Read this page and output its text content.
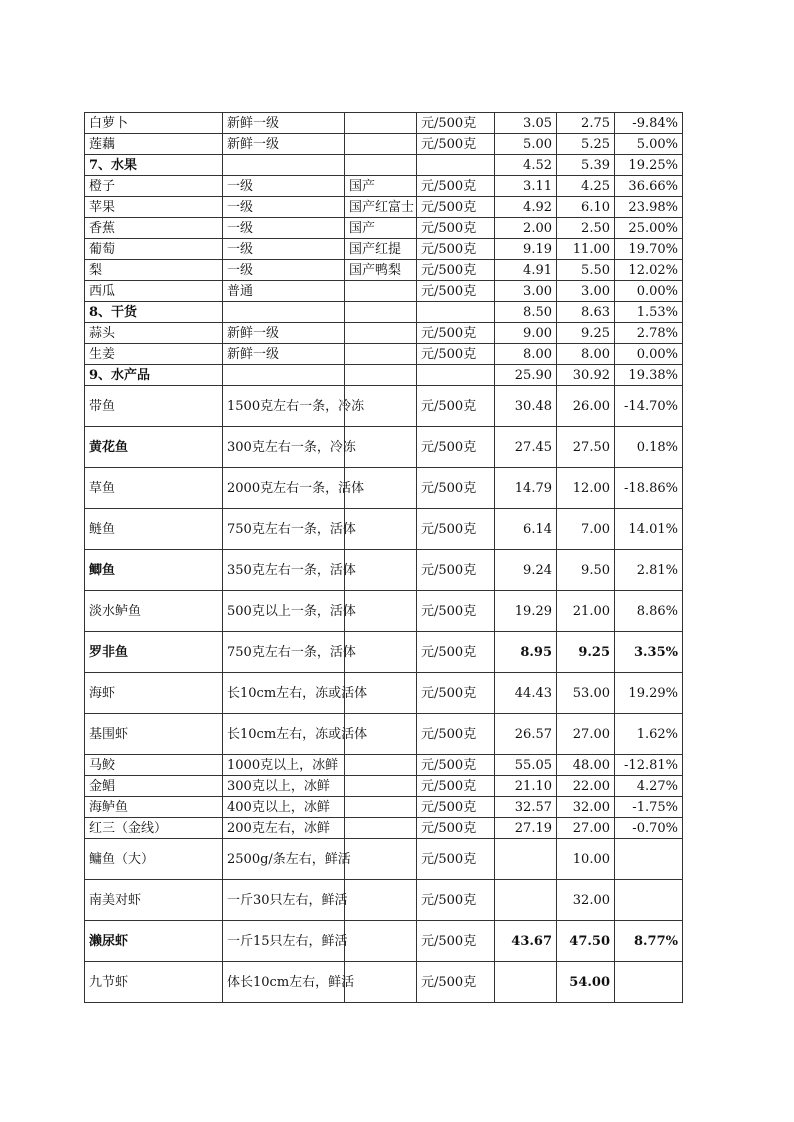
白萝卜	新鲜一级		元/500克	3.05	2.75	-9.84%
莲藕	新鲜一级		元/500克	5.00	5.25	5.00%
7、水果				4.52	5.39	19.25%
橙子	一级	国产	元/500克	3.11	4.25	36.66%
苹果	一级	国产红富士	元/500克	4.92	6.10	23.98%
香蕉	一级	国产	元/500克	2.00	2.50	25.00%
葡萄	一级	国产红提	元/500克	9.19	11.00	19.70%
梨	一级	国产鸭梨	元/500克	4.91	5.50	12.02%
西瓜	普通		元/500克	3.00	3.00	0.00%
8、干货				8.50	8.63	1.53%
蒜头	新鲜一级		元/500克	9.00	9.25	2.78%
生姜	新鲜一级		元/500克	8.00	8.00	0.00%
9、水产品				25.90	30.92	19.38%
带鱼	1500克左右一条，冷冻		元/500克	30.48	26.00	-14.70%
黄花鱼	300克左右一条，冷冻		元/500克	27.45	27.50	0.18%
草鱼	2000克左右一条，活体		元/500克	14.79	12.00	-18.86%
鲢鱼	750克左右一条，活体		元/500克	6.14	7.00	14.01%
鲫鱼	350克左右一条，活体		元/500克	9.24	9.50	2.81%
淡水鲈鱼	500克以上一条，活体		元/500克	19.29	21.00	8.86%
罗非鱼	750克左右一条，活体		元/500克	8.95	9.25	3.35%
海虾	长10cm左右，冻或活体		元/500克	44.43	53.00	19.29%
基围虾	长10cm左右，冻或活体		元/500克	26.57	27.00	1.62%
马鲛	1000克以上，冰鲜		元/500克	55.05	48.00	-12.81%
金鲳	300克以上，冰鲜		元/500克	21.10	22.00	4.27%
海鲈鱼	400克以上，冰鲜		元/500克	32.57	32.00	-1.75%
红三（金线）	200克左右，冰鲜		元/500克	27.19	27.00	-0.70%
鳙鱼（大）	2500g/条左右，鲜活		元/500克		10.00	
南美对虾	一斤30只左右，鲜活		元/500克		32.00	
濑尿虾	一斤15只左右，鲜活		元/500克	43.67	47.50	8.77%
九节虾	体长10cm左右，鲜活		元/500克		54.00	
